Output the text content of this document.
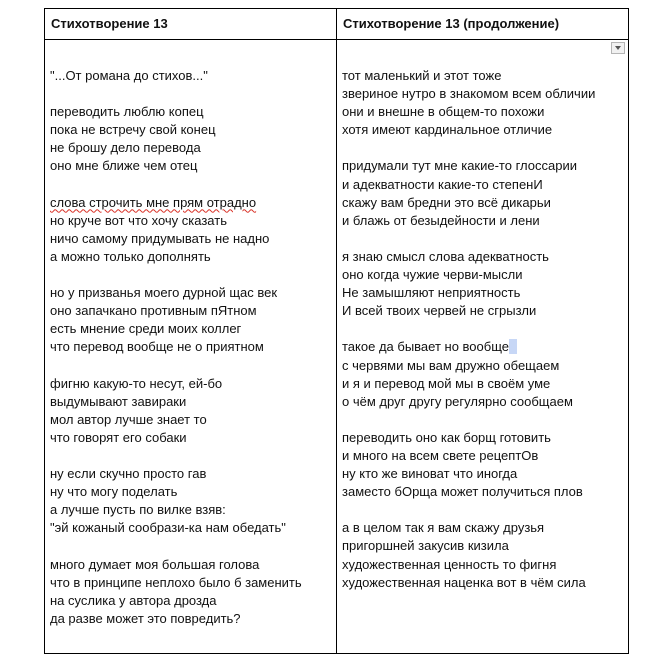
Стихотворение 13	Стихотворение 13 (продолжение)
"...От романа до стихов..."
переводить люблю копец
пока не встречу свой конец
не брошу дело перевода
оно мне ближе чем отец
слова строчить мне прям отрадно
но круче вот что хочу сказать
ничо самому придумывать не надно
а можно только дополнять
но у призванья моего дурной щас век
оно запачкано противным пЯтном
есть мнение среди моих коллег
что перевод вообще не о приятном
фигню какую-то несут, ей-бо
выдумывают завираки
мол автор лучше знает то
что говорят его собаки
ну если скучно просто гав
ну что могу поделать
а лучше пусть по вилке взяв:
"эй кожаный сообрази-ка нам обедать"
много думает моя большая голова
что в принципе неплохо было б заменить
на суслика у автора дрозда
да разве может это повредить?
тот маленький и этот тоже
звериное нутро в знакомом всем обличии
они и внешне в общем-то похожи
хотя имеют кардинальное отличие
придумали тут мне какие-то глоссарии
и адекватности какие-то степенИ
скажу вам бредни это всё дикарьи
и блажь от безыдейности и лени
я знаю смысл слова адекватность
оно когда чужие черви-мысли
Не замышляют неприятность
И всей твоих червей не сгрызли
такое да бывает но вообще
с червями мы вам дружно обещаем
и я и перевод мой мы в своём уме
о чём друг другу регулярно сообщаем
переводить оно как борщ готовить
и много на всем свете рецептОв
ну кто же виноват что иногда
заместо бОрща может получиться плов
а в целом так я вам скажу друзья
пригоршней закусив кизила
художественная ценность то фигня
художественная наценка вот в чём сила
